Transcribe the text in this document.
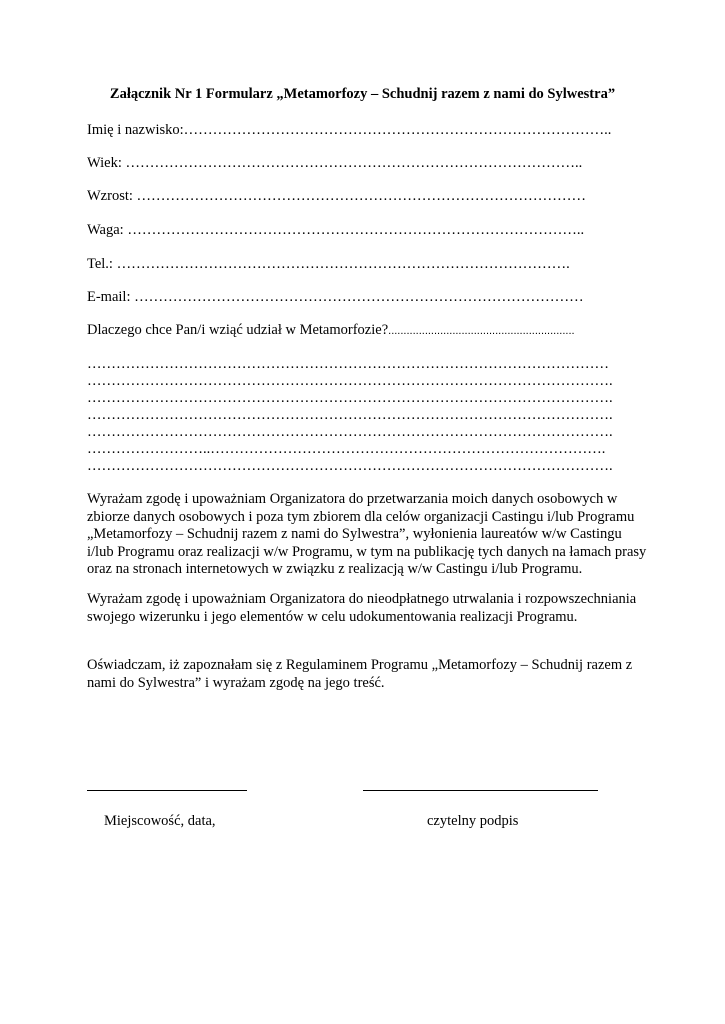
Załącznik Nr 1 Formularz „Metamorfozy – Schudnij razem z nami do Sylwestra”
Imię i nazwisko:……………………………………………………………………………..
Wiek: …………………………………………………………………………………..
Wzrost: …………………………………………………………………………………
Waga: …………………………………………………………………………………..
Tel.: ………………………………………………………………………………….
E-mail: …………………………………………………………………………………
Dlaczego chce Pan/i wziąć udział w Metamorfozie?.............................................................
………………………………………………………………………………………………
……………………………………………………………………………………………….
……………………………………………………………………………………………….
……………………………………………………………………………………………….
……………………………………………………………………………………………….
……………………..……………………………………………………………………….
……………………………………………………………………………………………….
Wyrażam zgodę i upoważniam Organizatora do przetwarzania moich danych osobowych w zbiorze danych osobowych i poza tym zbiorem dla celów organizacji Castingu i/lub Programu „Metamorfozy – Schudnij razem z nami do Sylwestra”, wyłonienia laureatów w/w Castingu i/lub Programu oraz realizacji w/w Programu, w tym na publikację tych danych na łamach prasy oraz na stronach internetowych w związku z realizacją w/w Castingu i/lub Programu.
Wyrażam zgodę i upoważniam Organizatora do nieodpłatnego utrwalania i rozpowszechniania swojego wizerunku i jego elementów w celu udokumentowania realizacji Programu.
Oświadczam, iż zapoznałam się z Regulaminem Programu „Metamorfozy – Schudnij razem z nami do Sylwestra” i wyrażam zgodę na jego treść.
Miejscowość, data,	czytelny podpis
